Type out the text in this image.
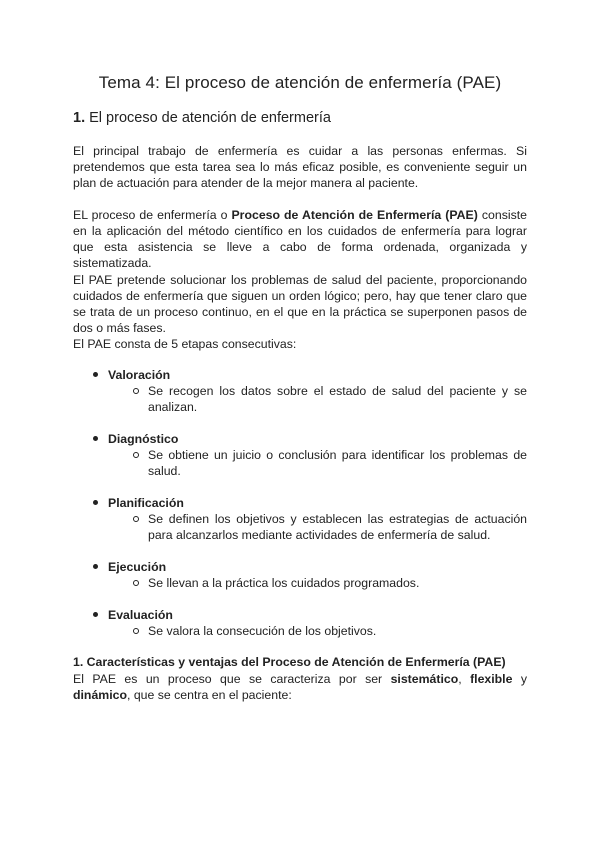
Tema 4: El proceso de atención de enfermería (PAE)
1. El proceso de atención de enfermería

El principal trabajo de enfermería es cuidar a las personas enfermas. Si pretendemos que esta tarea sea lo más eficaz posible, es conveniente seguir un plan de actuación para atender de la mejor manera al paciente.

EL proceso de enfermería o Proceso de Atención de Enfermería (PAE) consiste en la aplicación del método científico en los cuidados de enfermería para lograr que esta asistencia se lleve a cabo de forma ordenada, organizada y sistematizada.

El PAE pretende solucionar los problemas de salud del paciente, proporcionando cuidados de enfermería que siguen un orden lógico; pero, hay que tener claro que se trata de un proceso continuo, en el que en la práctica se superponen pasos de dos o más fases.

El PAE consta de 5 etapas consecutivas:

Valoración
Se recogen los datos sobre el estado de salud del paciente y se analizan.
Diagnóstico
Se obtiene un juicio o conclusión para identificar los problemas de salud.
Planificación
Se definen los objetivos y establecen las estrategias de actuación para alcanzarlos mediante actividades de enfermería de salud.
Ejecución
Se llevan a la práctica los cuidados programados.
Evaluación
Se valora la consecución de los objetivos.
1. Características y ventajas del Proceso de Atención de Enfermería (PAE)

El PAE es un proceso que se caracteriza por ser sistemático, flexible y dinámico, que se centra en el paciente:
